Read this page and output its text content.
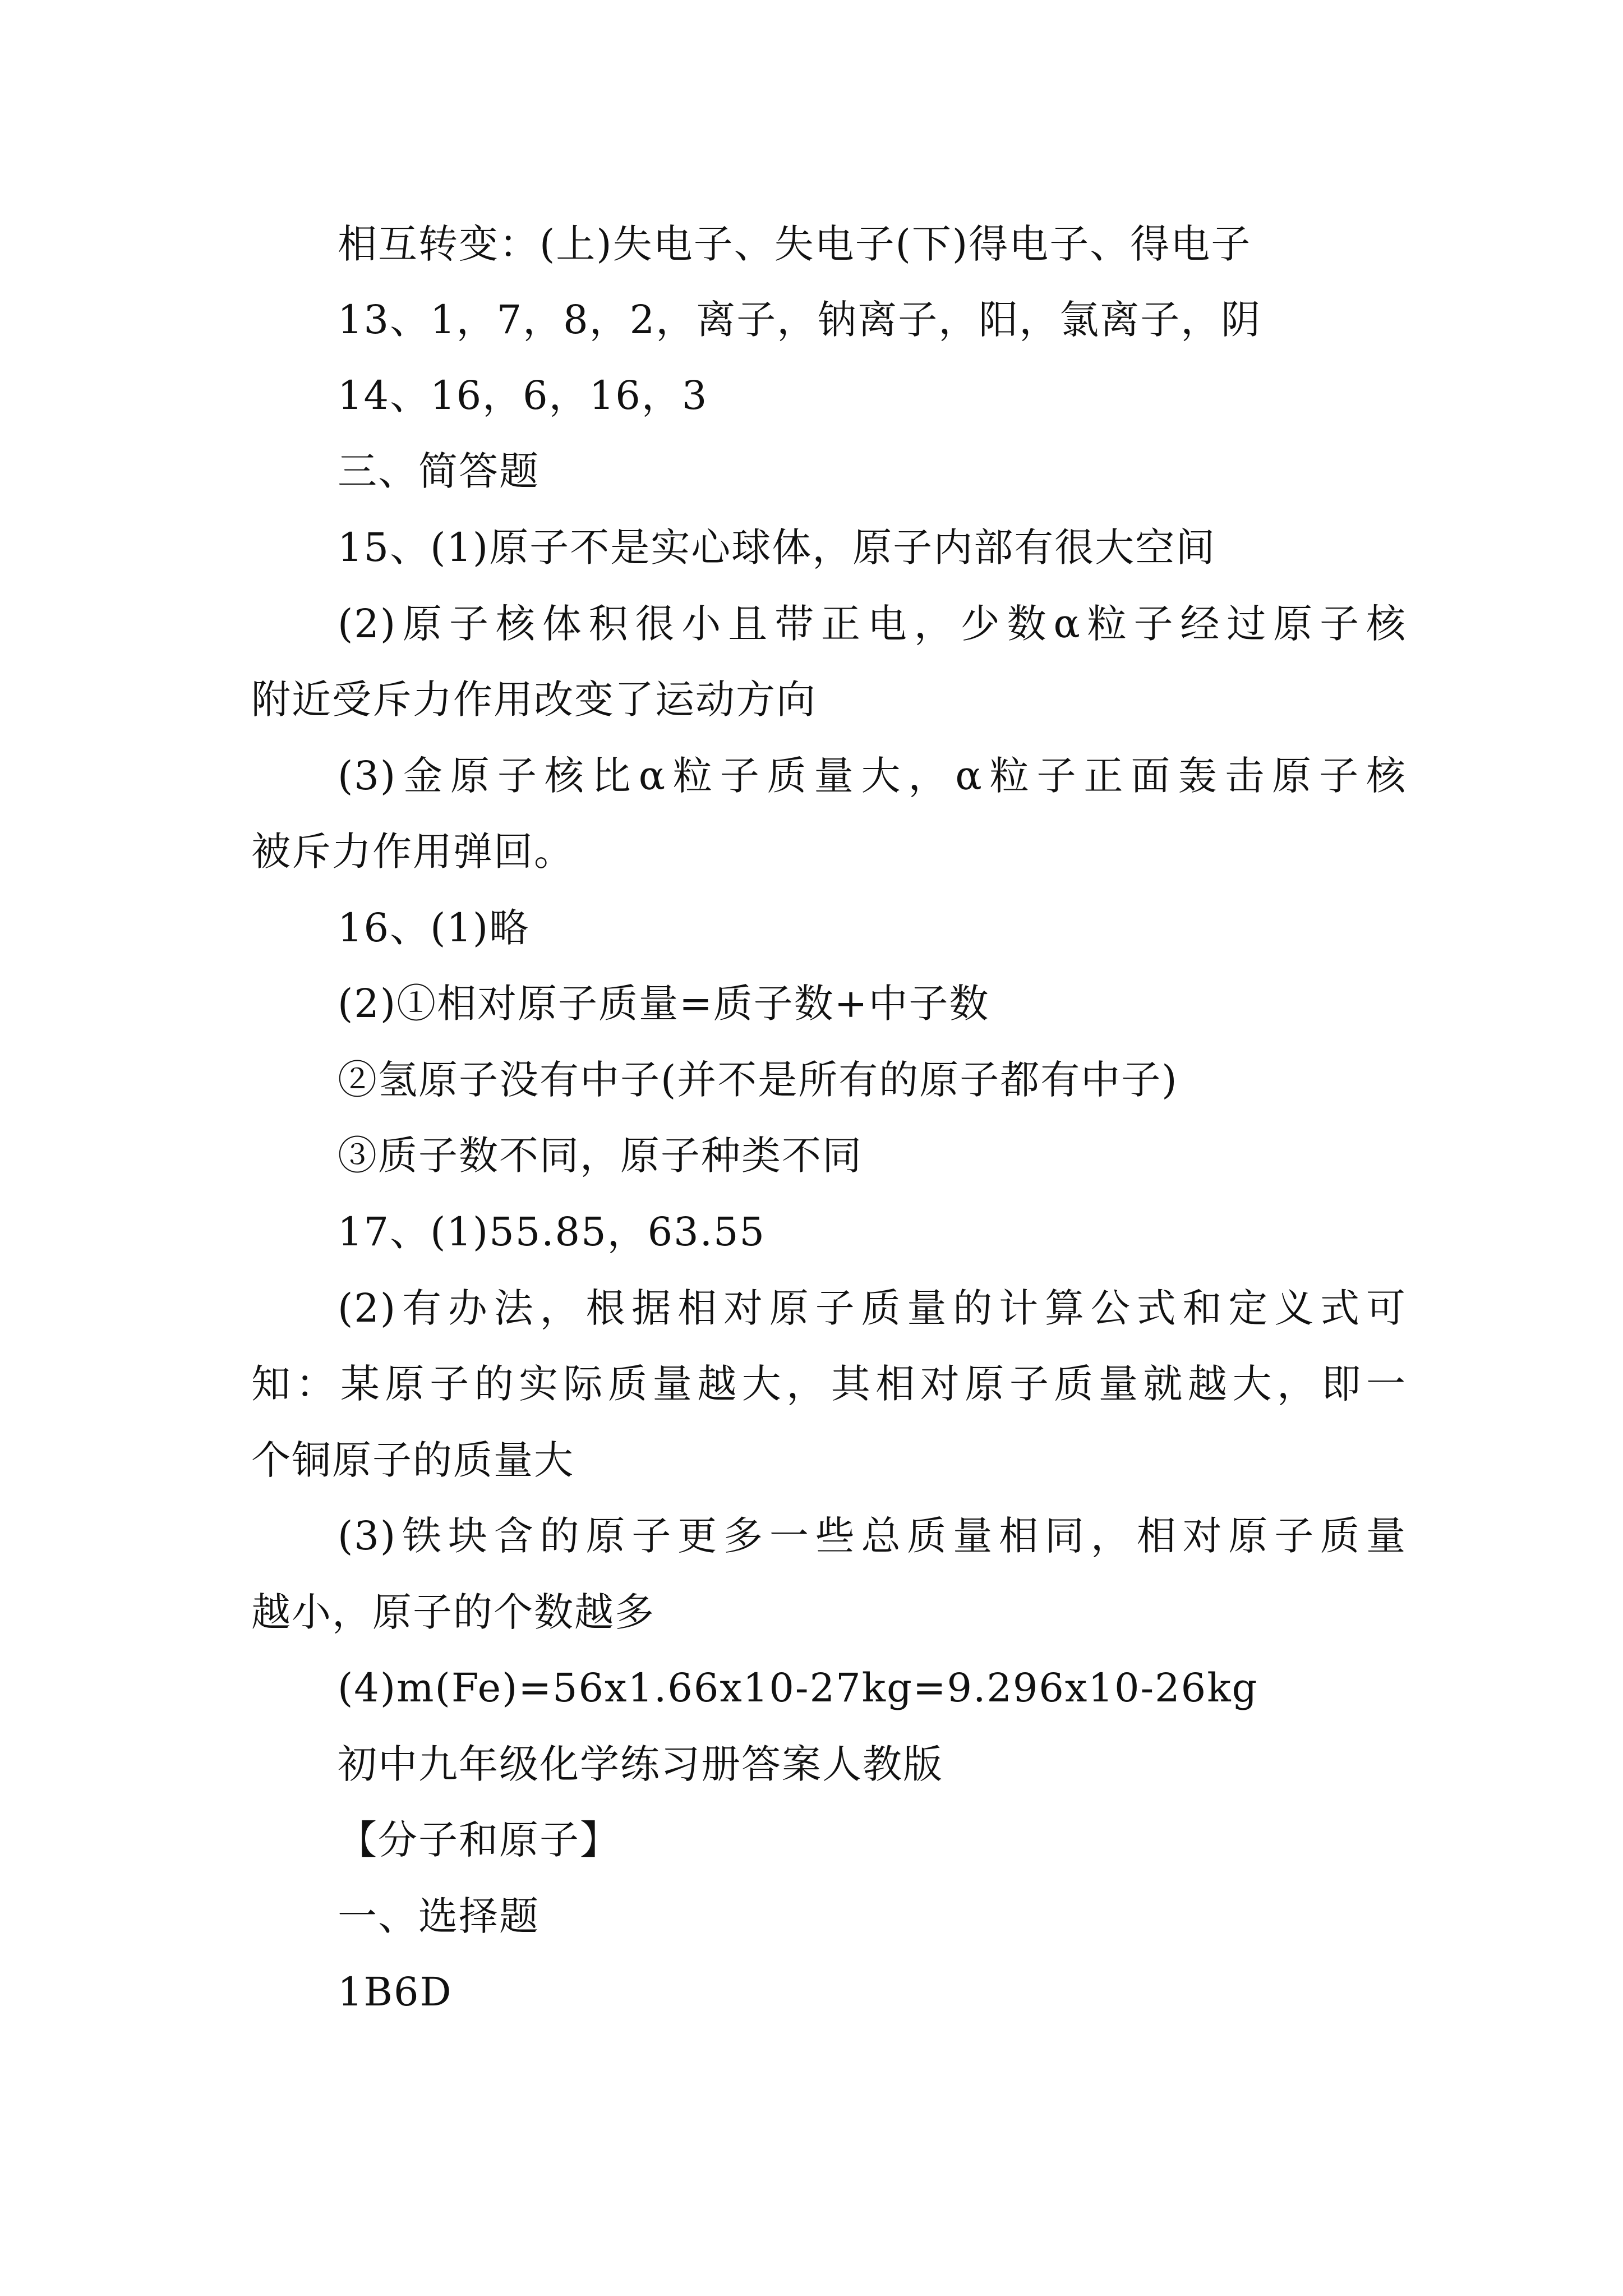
相互转变：(上)失电子、失电子(下)得电子、得电子
13、1，7，8，2，离子，钠离子，阳，氯离子，阴
14、16，6，16，3
三、简答题
15、(1)原子不是实心球体，原子内部有很大空间
(2)原子核体积很小且带正电，少数α粒子经过原子核
附近受斥力作用改变了运动方向
(3)金原子核比α粒子质量大，α粒子正面轰击原子核
被斥力作用弹回。
16、(1)略
(2)①相对原子质量=质子数+中子数
②氢原子没有中子(并不是所有的原子都有中子)
③质子数不同，原子种类不同
17、(1)55.85，63.55
(2)有办法，根据相对原子质量的计算公式和定义式可
知：某原子的实际质量越大，其相对原子质量就越大，即一
个铜原子的质量大
(3)铁块含的原子更多一些总质量相同，相对原子质量
越小，原子的个数越多
(4)m(Fe)=56x1.66x10-27kg=9.296x10-26kg
初中九年级化学练习册答案人教版
【分子和原子】
一、选择题
1B6D
